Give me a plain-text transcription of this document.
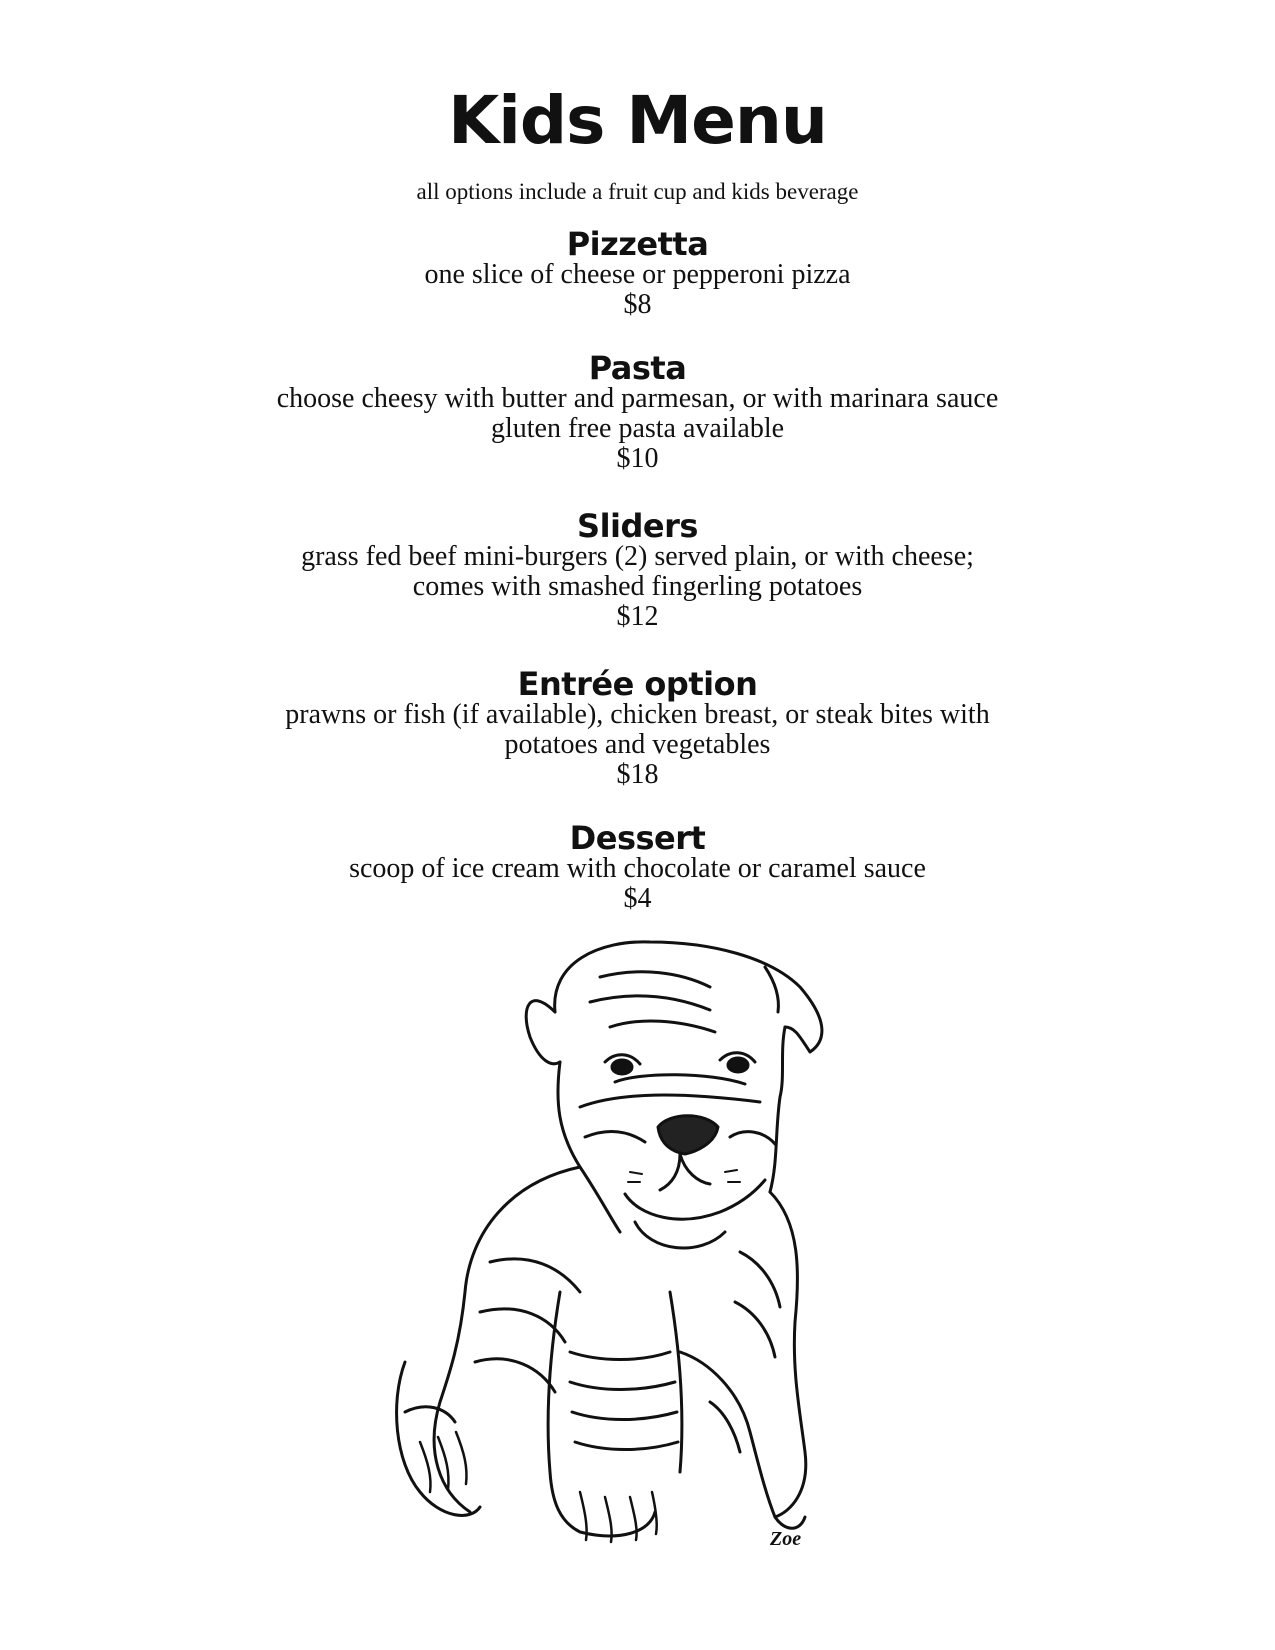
Kids Menu
all options include a fruit cup and kids beverage

Pizzetta

one slice of cheese or pepperoni pizza

$8

Pasta

choose cheesy with butter and parmesan, or with marinara sauce

gluten free pasta available

$10

Sliders

grass fed beef mini-burgers (2) served plain, or with cheese;

comes with smashed fingerling potatoes

$12

Entrée option

prawns or fish (if available), chicken breast, or steak bites with

potatoes and vegetables

$18

Dessert

scoop of ice cream with chocolate or caramel sauce

$4

Zoe
